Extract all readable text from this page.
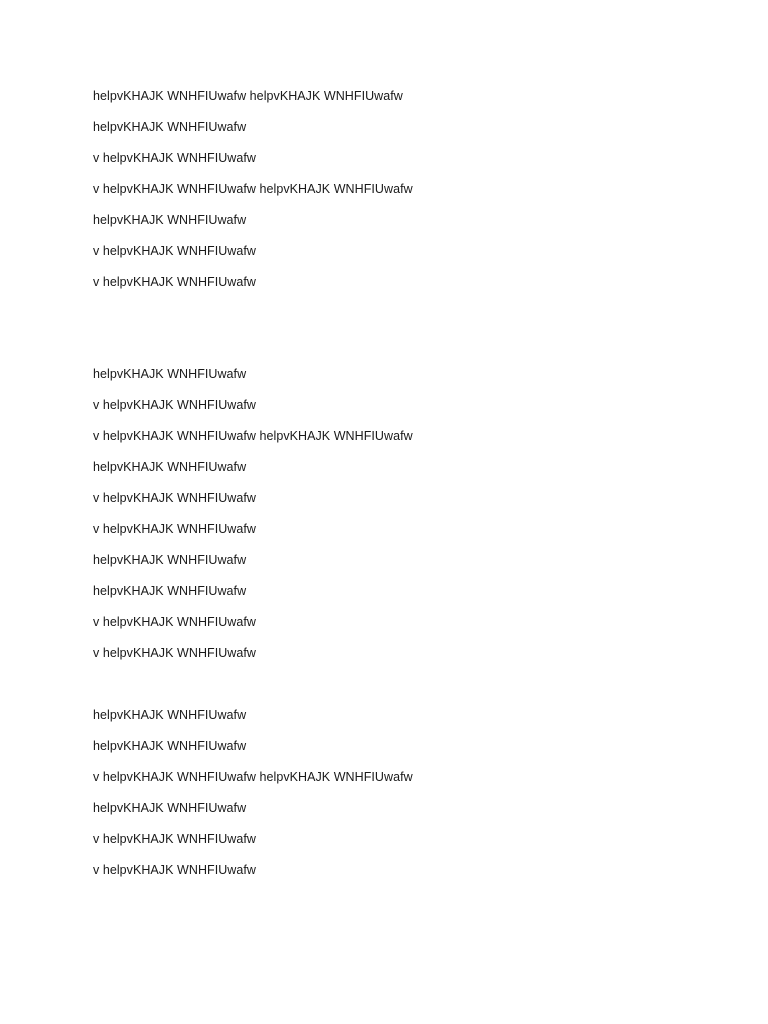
helpvKHAJK WNHFIUwafw helpvKHAJK WNHFIUwafw
helpvKHAJK WNHFIUwafw
v helpvKHAJK WNHFIUwafw
v helpvKHAJK WNHFIUwafw helpvKHAJK WNHFIUwafw
helpvKHAJK WNHFIUwafw
v helpvKHAJK WNHFIUwafw
v helpvKHAJK WNHFIUwafw
helpvKHAJK WNHFIUwafw
v helpvKHAJK WNHFIUwafw
v helpvKHAJK WNHFIUwafw helpvKHAJK WNHFIUwafw
helpvKHAJK WNHFIUwafw
v helpvKHAJK WNHFIUwafw
v helpvKHAJK WNHFIUwafw
helpvKHAJK WNHFIUwafw
helpvKHAJK WNHFIUwafw
v helpvKHAJK WNHFIUwafw
v helpvKHAJK WNHFIUwafw
helpvKHAJK WNHFIUwafw
helpvKHAJK WNHFIUwafw
v helpvKHAJK WNHFIUwafw helpvKHAJK WNHFIUwafw
helpvKHAJK WNHFIUwafw
v helpvKHAJK WNHFIUwafw
v helpvKHAJK WNHFIUwafw
